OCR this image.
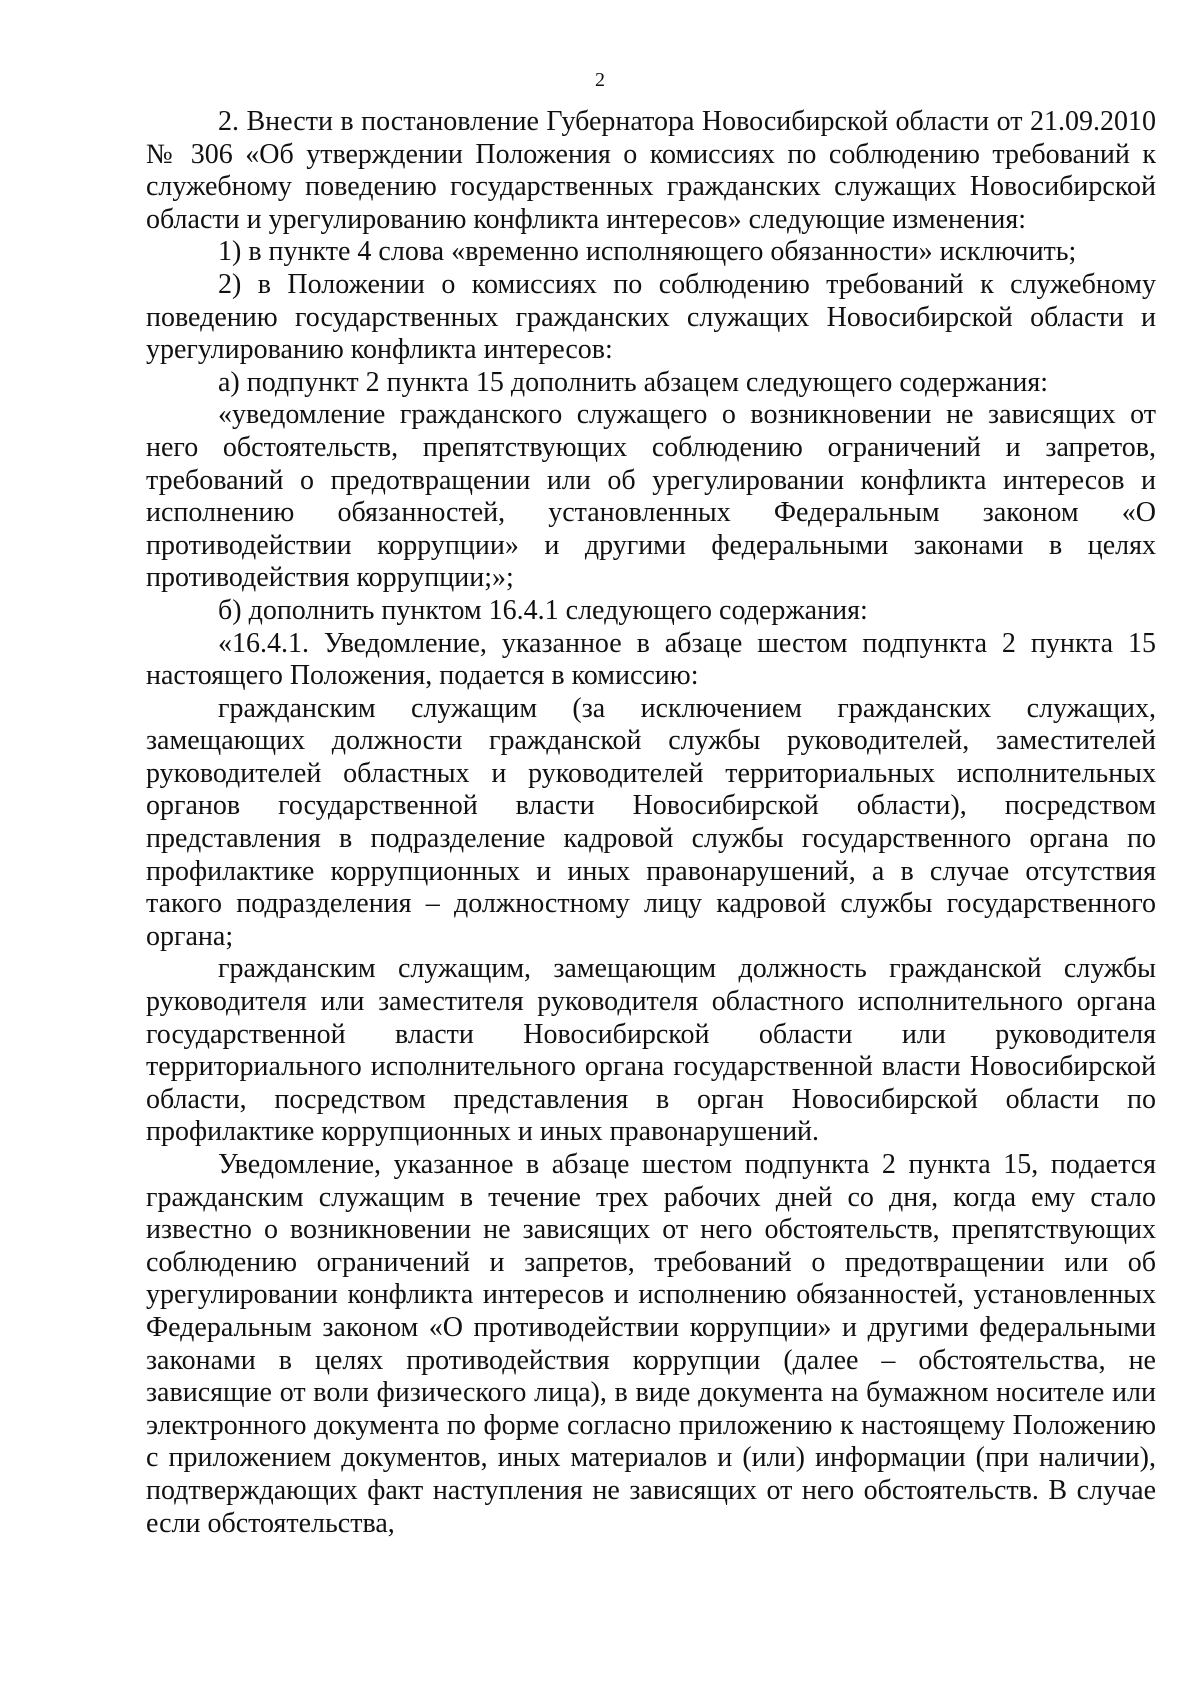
2

2. Внести в постановление Губернатора Новосибирской области от 21.09.2010 № 306 «Об утверждении Положения о комиссиях по соблюдению требований к служебному поведению государственных гражданских служащих Новосибирской области и урегулированию конфликта интересов» следующие изменения:

1) в пункте 4 слова «временно исполняющего обязанности» исключить;

2) в Положении о комиссиях по соблюдению требований к служебному поведению государственных гражданских служащих Новосибирской области и урегулированию конфликта интересов:

а) подпункт 2 пункта 15 дополнить абзацем следующего содержания:

«уведомление гражданского служащего о возникновении не зависящих от него обстоятельств, препятствующих соблюдению ограничений и запретов, требований о предотвращении или об урегулировании конфликта интересов и исполнению обязанностей, установленных Федеральным законом «О противодействии коррупции» и другими федеральными законами в целях противодействия коррупции;»;

б) дополнить пунктом 16.4.1 следующего содержания:

«16.4.1. Уведомление, указанное в абзаце шестом подпункта 2 пункта 15 настоящего Положения, подается в комиссию:

гражданским служащим (за исключением гражданских служащих, замещающих должности гражданской службы руководителей, заместителей руководителей областных и руководителей территориальных исполнительных органов государственной власти Новосибирской области), посредством представления в подразделение кадровой службы государственного органа по профилактике коррупционных и иных правонарушений, а в случае отсутствия такого подразделения – должностному лицу кадровой службы государственного органа;

гражданским служащим, замещающим должность гражданской службы руководителя или заместителя руководителя областного исполнительного органа государственной власти Новосибирской области или руководителя территориального исполнительного органа государственной власти Новосибирской области, посредством представления в орган Новосибирской области по профилактике коррупционных и иных правонарушений.

Уведомление, указанное в абзаце шестом подпункта 2 пункта 15, подается гражданским служащим в течение трех рабочих дней со дня, когда ему стало известно о возникновении не зависящих от него обстоятельств, препятствующих соблюдению ограничений и запретов, требований о предотвращении или об урегулировании конфликта интересов и исполнению обязанностей, установленных Федеральным законом «О противодействии коррупции» и другими федеральными законами в целях противодействия коррупции (далее – обстоятельства, не зависящие от воли физического лица), в виде документа на бумажном носителе или электронного документа по форме согласно приложению к настоящему Положению с приложением документов, иных материалов и (или) информации (при наличии), подтверждающих факт наступления не зависящих от него обстоятельств. В случае если обстоятельства,
